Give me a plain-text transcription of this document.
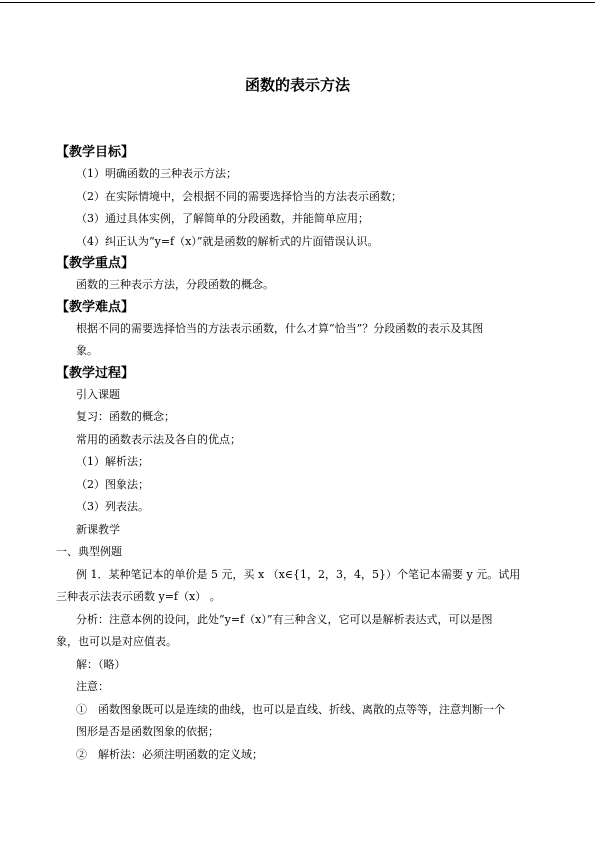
函数的表示方法

【教学目标】

（1）明确函数的三种表示方法；

（2）在实际情境中，会根据不同的需要选择恰当的方法表示函数；

（3）通过具体实例，了解简单的分段函数，并能简单应用；

（4）纠正认为“y=f（x）”就是函数的解析式的片面错误认识。

【教学重点】

函数的三种表示方法，分段函数的概念。

【教学难点】

根据不同的需要选择恰当的方法表示函数，什么才算“恰当”？分段函数的表示及其图

象。

【教学过程】

引入课题

复习：函数的概念；

常用的函数表示法及各自的优点；

（1）解析法；

（2）图象法；

（3）列表法。

新课教学

一、典型例题

例 1．某种笔记本的单价是 5 元，买 x （x∈{1，2，3，4，5}）个笔记本需要 y 元。试用

三种表示法表示函数 y=f（x） 。

分析：注意本例的设问，此处“y=f（x）”有三种含义，它可以是解析表达式，可以是图

象，也可以是对应值表。

解：（略）

注意：

①　函数图象既可以是连续的曲线，也可以是直线、折线、离散的点等等，注意判断一个

图形是否是函数图象的依据；

②　解析法：必须注明函数的定义域；
